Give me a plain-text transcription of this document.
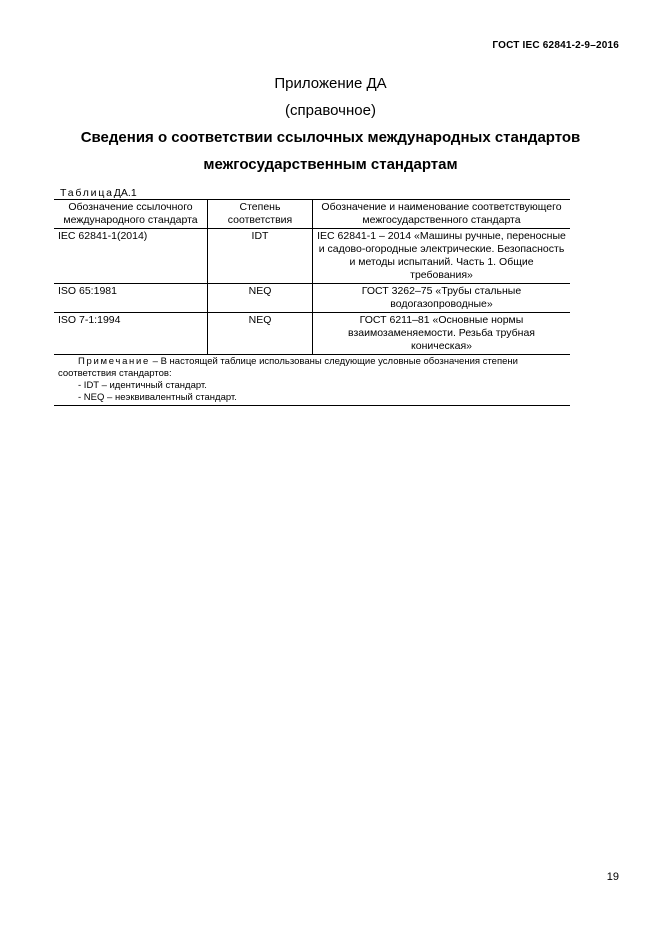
ГОСТ IEC 62841-2-9–2016
Приложение ДА
(справочное)
Сведения о соответствии ссылочных международных стандартов
межгосударственным стандартам
ТаблицаДА.1
Обозначение ссылочного международного стандарта	Степень соответствия	Обозначение и наименование соответствующего межгосударственного стандарта
IEC 62841-1(2014)	IDT	IEC 62841-1 – 2014 «Машины ручные, переносные и садово-огородные электрические. Безопасность и методы испытаний. Часть 1. Общие требования»
ISO 65:1981	NEQ	ГОСТ 3262–75 «Трубы стальные водогазопроводные»
ISO 7-1:1994	NEQ	ГОСТ 6211–81 «Основные нормы взаимозаменяемости. Резьба трубная коническая»
Примечание – В настоящей таблице использованы следующие условные обозначения степени соответствия стандартов:
- IDT – идентичный стандарт.
- NEQ – неэквивалентный стандарт.		
19
